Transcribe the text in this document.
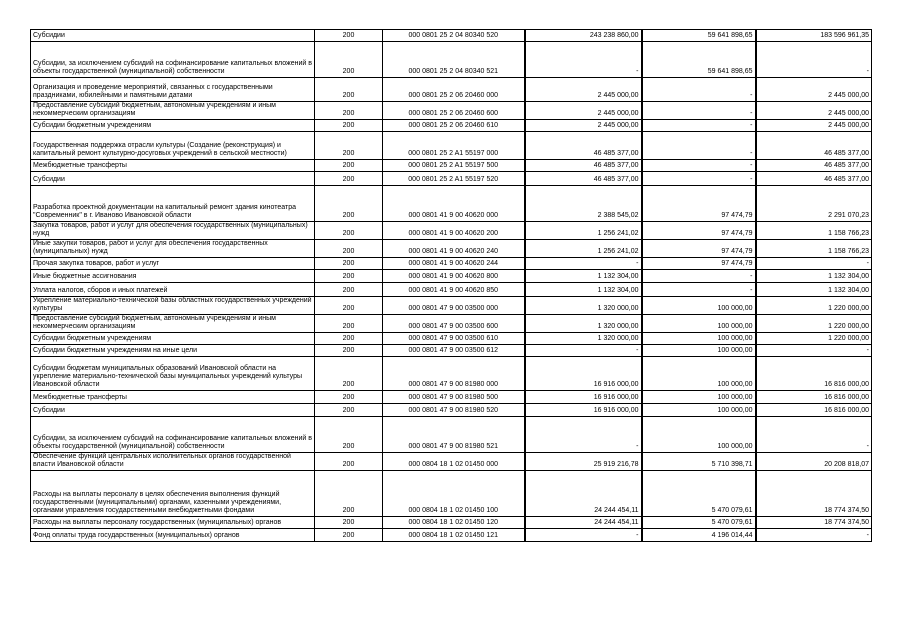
Субсидии	200	000 0801 25 2 04 80340 520	243 238 860,00	59 641 898,65	183 596 961,35
Субсидии, за исключением субсидий на софинансирование капитальных вложений в объекты государственной (муниципальной) собственности	200	000 0801 25 2 04 80340 521	-	59 641 898,65	-
Организация и проведение мероприятий, связанных с государственными праздниками, юбилейными и памятными датами	200	000 0801 25 2 06 20460 000	2 445 000,00	-	2 445 000,00
Предоставление субсидий бюджетным, автономным учреждениям и иным некоммерческим организациям	200	000 0801 25 2 06 20460 600	2 445 000,00	-	2 445 000,00
Субсидии бюджетным учреждениям	200	000 0801 25 2 06 20460 610	2 445 000,00	-	2 445 000,00
Государственная поддержка отрасли культуры (Создание (реконструкция) и капитальный ремонт культурно-досуговых учреждений в сельской местности)	200	000 0801 25 2 A1 55197 000	46 485 377,00	-	46 485 377,00
Межбюджетные трансферты	200	000 0801 25 2 A1 55197 500	46 485 377,00	-	46 485 377,00
Субсидии	200	000 0801 25 2 A1 55197 520	46 485 377,00	-	46 485 377,00
Разработка проектной документации на капитальный ремонт здания кинотеатра "Современник" в г. Иваново Ивановской области	200	000 0801 41 9 00 40620 000	2 388 545,02	97 474,79	2 291 070,23
Закупка товаров, работ и услуг для обеспечения государственных (муниципальных) нужд	200	000 0801 41 9 00 40620 200	1 256 241,02	97 474,79	1 158 766,23
Иные закупки товаров, работ и услуг для обеспечения государственных (муниципальных) нужд	200	000 0801 41 9 00 40620 240	1 256 241,02	97 474,79	1 158 766,23
Прочая закупка товаров, работ и услуг	200	000 0801 41 9 00 40620 244	-	97 474,79	-
Иные бюджетные ассигнования	200	000 0801 41 9 00 40620 800	1 132 304,00	-	1 132 304,00
Уплата налогов, сборов и иных платежей	200	000 0801 41 9 00 40620 850	1 132 304,00	-	1 132 304,00
Укрепление материально-технической базы областных государственных учреждений культуры	200	000 0801 47 9 00 03500 000	1 320 000,00	100 000,00	1 220 000,00
Предоставление субсидий бюджетным, автономным учреждениям и иным некоммерческим организациям	200	000 0801 47 9 00 03500 600	1 320 000,00	100 000,00	1 220 000,00
Субсидии бюджетным учреждениям	200	000 0801 47 9 00 03500 610	1 320 000,00	100 000,00	1 220 000,00
Субсидии бюджетным учреждениям на иные цели	200	000 0801 47 9 00 03500 612	-	100 000,00	-
Субсидии бюджетам муниципальных образований Ивановской области на укрепление материально-технической базы муниципальных учреждений культуры Ивановской области	200	000 0801 47 9 00 81980 000	16 916 000,00	100 000,00	16 816 000,00
Межбюджетные трансферты	200	000 0801 47 9 00 81980 500	16 916 000,00	100 000,00	16 816 000,00
Субсидии	200	000 0801 47 9 00 81980 520	16 916 000,00	100 000,00	16 816 000,00
Субсидии, за исключением субсидий на софинансирование капитальных вложений в объекты государственной (муниципальной) собственности	200	000 0801 47 9 00 81980 521	-	100 000,00	-
Обеспечение функций центральных исполнительных органов государственной власти Ивановской области	200	000 0804 18 1 02 01450 000	25 919 216,78	5 710 398,71	20 208 818,07
Расходы на выплаты персоналу в целях обеспечения выполнения функций государственными (муниципальными) органами, казенными учреждениями, органами управления государственными внебюджетными фондами	200	000 0804 18 1 02 01450 100	24 244 454,11	5 470 079,61	18 774 374,50
Расходы на выплаты персоналу государственных (муниципальных) органов	200	000 0804 18 1 02 01450 120	24 244 454,11	5 470 079,61	18 774 374,50
Фонд оплаты труда государственных (муниципальных) органов	200	000 0804 18 1 02 01450 121	-	4 196 014,44	-
